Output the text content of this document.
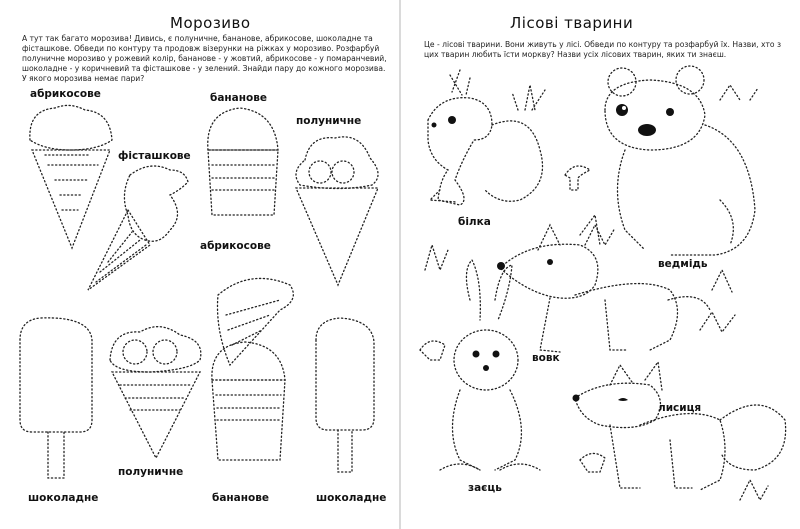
Морозиво
А тут так багато морозива! Дивись, є полуничне, бананове, абрикосове, шоколадне та фісташкове. Обведи по контуру та продовж візерунки на ріжках у морозиво. Розфарбуй полуничне морозиво у рожевий колір, бананове - у жовтий, абрикосове - у помаранчевий, шоколадне - у коричневий та фісташкове - у зелений. Знайди пару до кожного морозива. У якого морозива немає пари?
абрикосове	бананове
полуничне
фісташкове
абрикосове
полуничне
шоколадне	бананове	шоколадне
Лісові тварини
Це - лісові тварини. Вони живуть у лісі. Обведи по контуру та розфарбуй їх. Назви, хто з цих тварин любить їсти моркву? Назви усіх лісових тварин, яких ти знаєш.
білка
ведмідь
вовк
лисиця
заєць
